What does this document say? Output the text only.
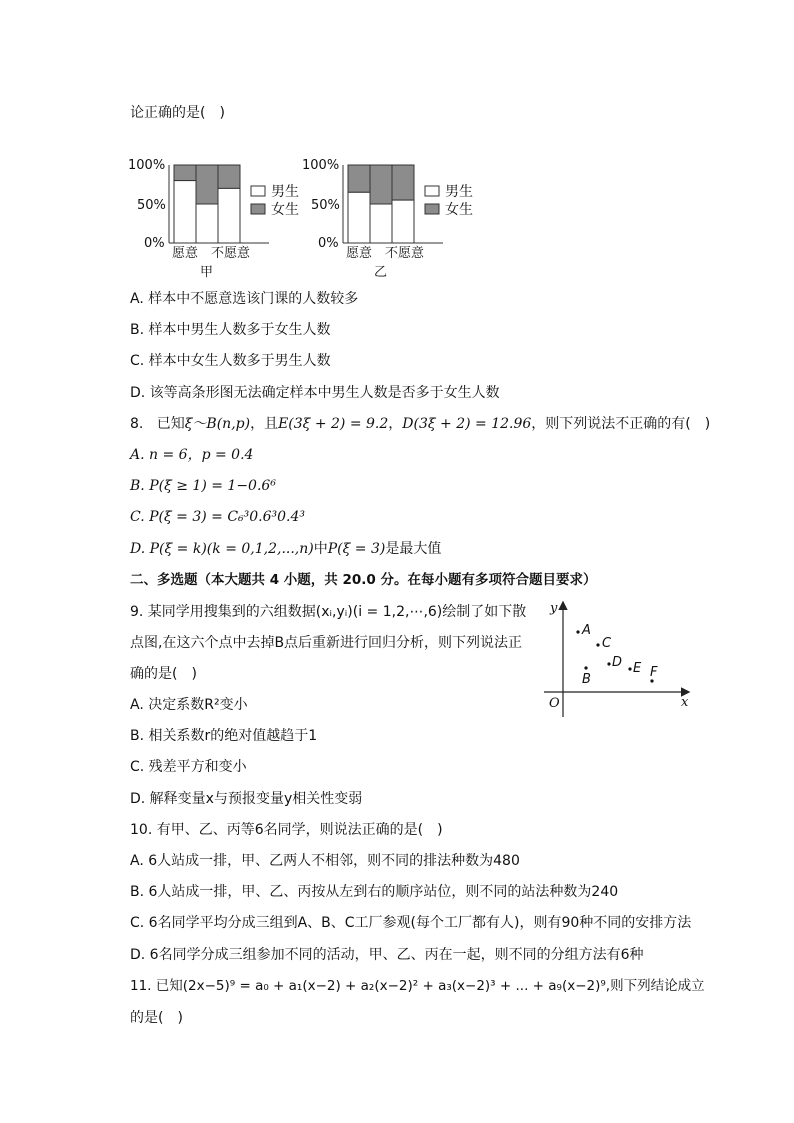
论正确的是(　)
100%
50%
0%
愿意 不愿意
甲
男生
女生
100%
50%
0%
愿意 不愿意
乙
男生
女生
A. 样本中不愿意选该门课的人数较多
B. 样本中男生人数多于女生人数
C. 样本中女生人数多于男生人数
D. 该等高条形图无法确定样本中男生人数是否多于女生人数
8. 已知ξ～B(n,p)，且E(3ξ + 2) = 9.2，D(3ξ + 2) = 12.96，则下列说法不正确的有(　)
A. n = 6，p = 0.4
B. P(ξ ≥ 1) = 1−0.6⁶
C. P(ξ = 3) = C₆³0.6³0.4³
D. P(ξ = k)(k = 0,1,2,...,n)中P(ξ = 3)是最大值
二、多选题（本大题共 4 小题，共 20.0 分。在每小题有多项符合题目要求）
9. 某同学用搜集到的六组数据(xᵢ,yᵢ)(i = 1,2,⋯,6)绘制了如下散
点图,在这六个点中去掉B点后重新进行回归分析，则下列说法正
确的是(　)
y
x
O
A
C
B
D E F
A. 决定系数R²变小
B. 相关系数r的绝对值越趋于1
C. 残差平方和变小
D. 解释变量x与预报变量y相关性变弱
10. 有甲、乙、丙等6名同学，则说法正确的是(　)
A. 6人站成一排，甲、乙两人不相邻，则不同的排法种数为480
B. 6人站成一排，甲、乙、丙按从左到右的顺序站位，则不同的站法种数为240
C. 6名同学平均分成三组到A、B、C工厂参观(每个工厂都有人)，则有90种不同的安排方法
D. 6名同学分成三组参加不同的活动，甲、乙、丙在一起，则不同的分组方法有6种
11. 已知(2x−5)⁹ = a₀ + a₁(x−2) + a₂(x−2)² + a₃(x−2)³ + ... + a₉(x−2)⁹,则下列结论成立
的是(　)
